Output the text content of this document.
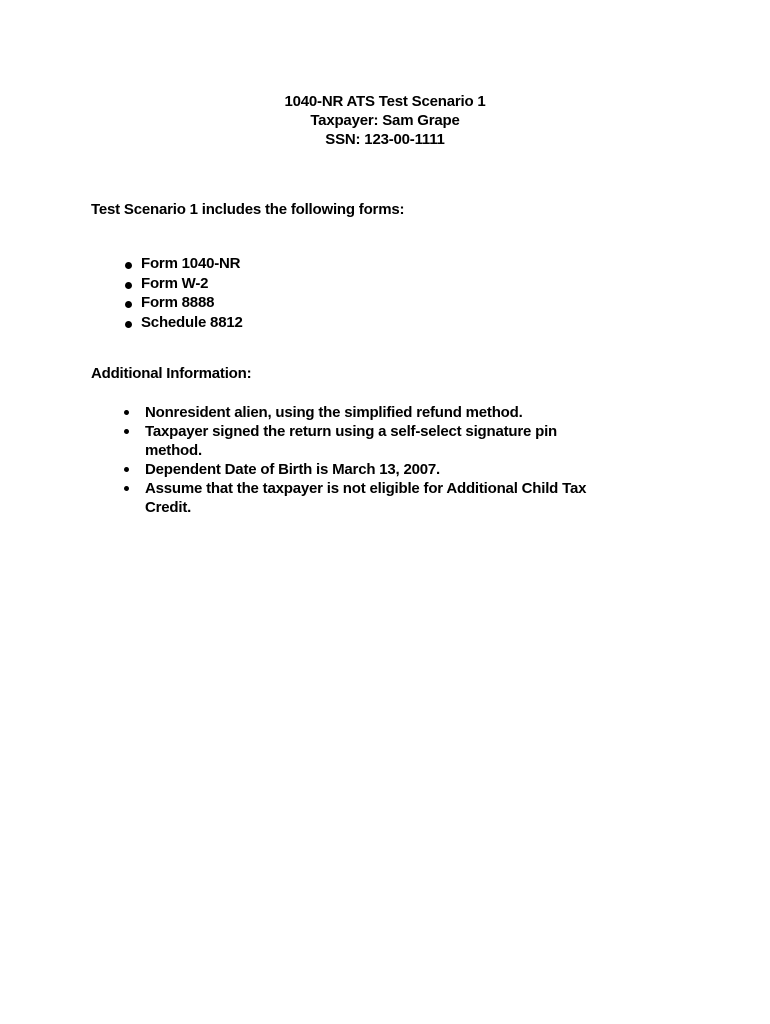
1040-NR ATS Test Scenario 1
Taxpayer: Sam Grape
SSN: 123-00-1111
Test Scenario 1 includes the following forms:
Form 1040-NR
Form W-2
Form 8888
Schedule 8812
Additional Information:
Nonresident alien, using the simplified refund method.
Taxpayer signed the return using a self-select signature pin method.
Dependent Date of Birth is March 13, 2007.
Assume that the taxpayer is not eligible for Additional Child Tax Credit.
